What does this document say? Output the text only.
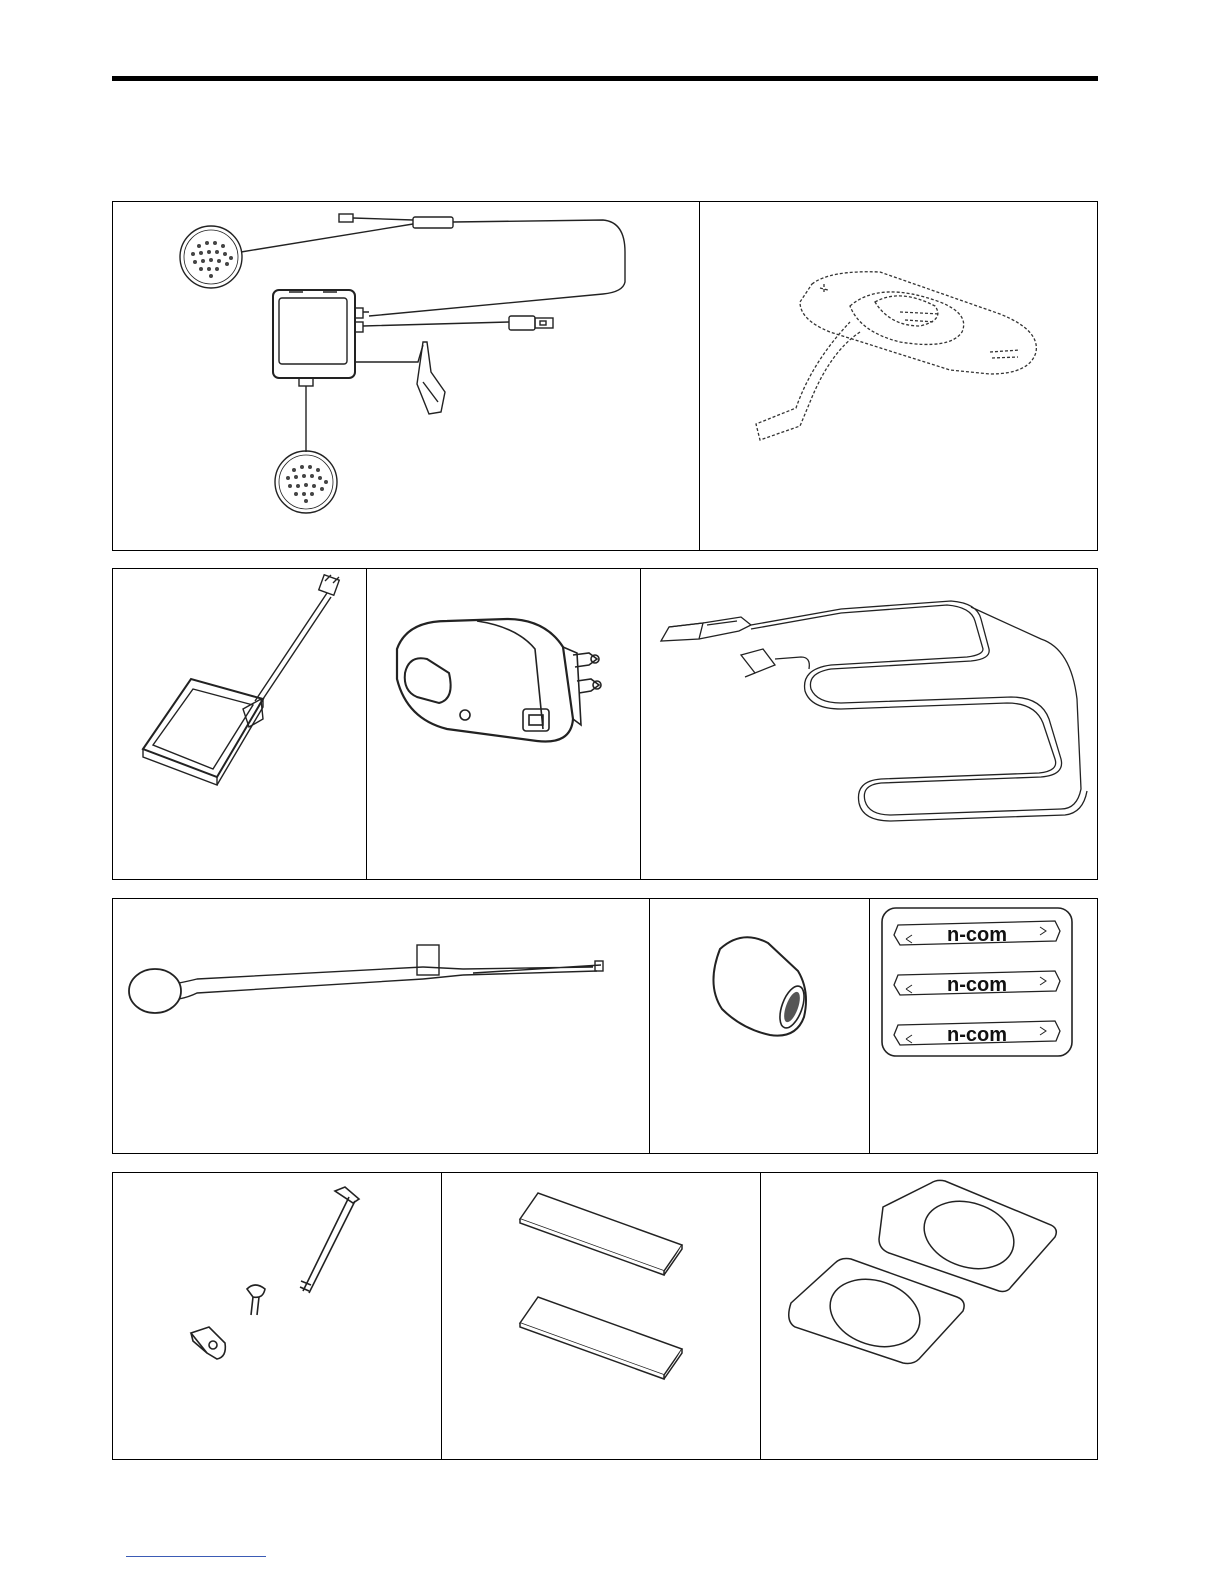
n-com
n-com
n-com
